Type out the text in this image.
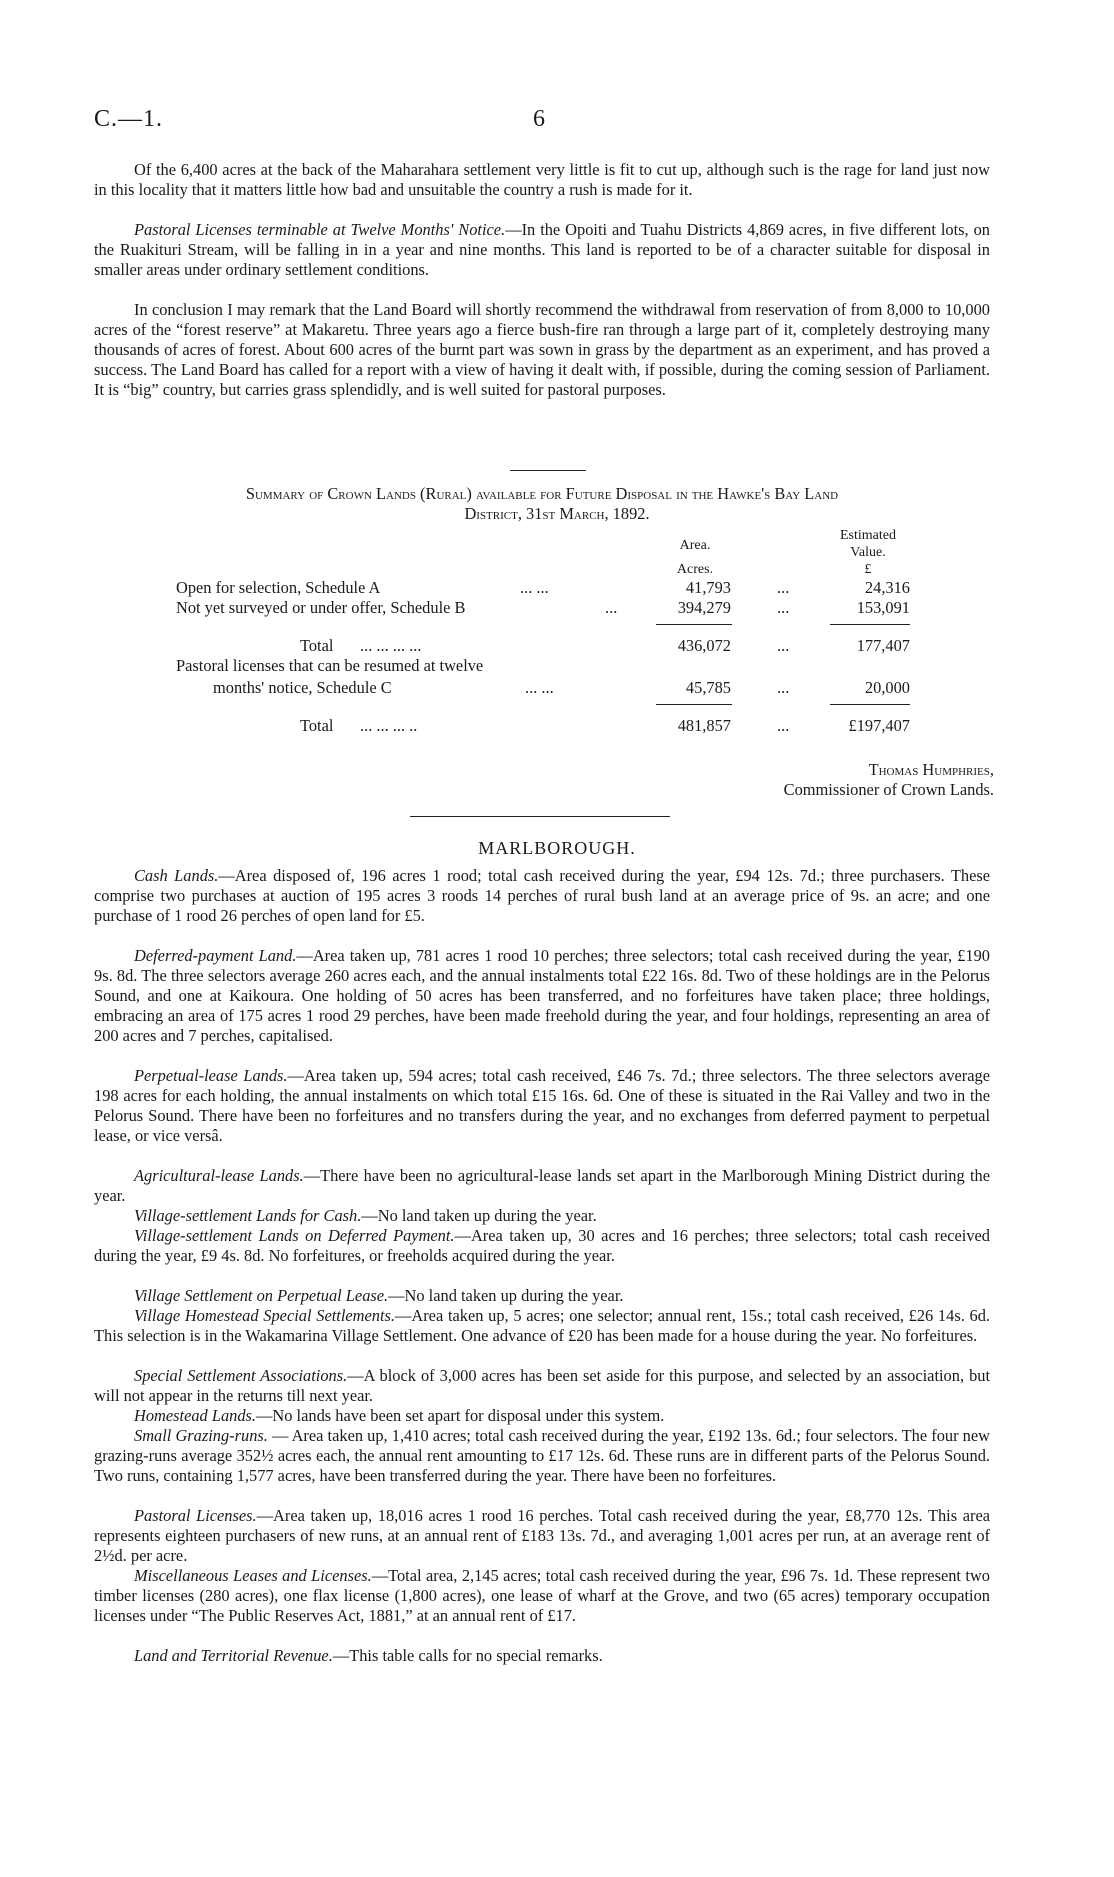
C.—1.	6
Of the 6,400 acres at the back of the Maharahara settlement very little is fit to cut up, although such is the rage for land just now in this locality that it matters little how bad and unsuitable the country a rush is made for it.
Pastoral Licenses terminable at Twelve Months' Notice.—In the Opoiti and Tuahu Districts 4,869 acres, in five different lots, on the Ruakituri Stream, will be falling in in a year and nine months. This land is reported to be of a character suitable for disposal in smaller areas under ordinary settlement conditions.
In conclusion I may remark that the Land Board will shortly recommend the withdrawal from reservation of from 8,000 to 10,000 acres of the “forest reserve” at Makaretu. Three years ago a fierce bush-fire ran through a large part of it, completely destroying many thousands of acres of forest. About 600 acres of the burnt part was sown in grass by the department as an experiment, and has proved a success. The Land Board has called for a report with a view of having it dealt with, if possible, during the coming session of Parliament. It is “big” country, but carries grass splendidly, and is well suited for pastoral purposes.
Summary of Crown Lands (Rural) available for Future Disposal in the Hawke's Bay Land
District, 31st March, 1892.
Area.
Estimated
Value.
Acres.	£
Open for selection, Schedule A	... ...	41,793	...	24,316
Not yet surveyed or under offer, Schedule B	...	394,279	...	153,091
Total ... ... ... ...	436,072	...	177,407
Pastoral licenses that can be resumed at twelve
months' notice, Schedule C	... ...	45,785	...	20,000
Total ... ... ... ..	481,857	...	£197,407
Thomas Humphries,
Commissioner of Crown Lands.
MARLBOROUGH.
Cash Lands.—Area disposed of, 196 acres 1 rood; total cash received during the year, £94 12s. 7d.; three purchasers. These comprise two purchases at auction of 195 acres 3 roods 14 perches of rural bush land at an average price of 9s. an acre; and one purchase of 1 rood 26 perches of open land for £5.
Deferred-payment Land.—Area taken up, 781 acres 1 rood 10 perches; three selectors; total cash received during the year, £190 9s. 8d. The three selectors average 260 acres each, and the annual instalments total £22 16s. 8d. Two of these holdings are in the Pelorus Sound, and one at Kaikoura. One holding of 50 acres has been transferred, and no forfeitures have taken place; three holdings, embracing an area of 175 acres 1 rood 29 perches, have been made freehold during the year, and four holdings, representing an area of 200 acres and 7 perches, capitalised.
Perpetual-lease Lands.—Area taken up, 594 acres; total cash received, £46 7s. 7d.; three selectors. The three selectors average 198 acres for each holding, the annual instalments on which total £15 16s. 6d. One of these is situated in the Rai Valley and two in the Pelorus Sound. There have been no forfeitures and no transfers during the year, and no exchanges from deferred payment to perpetual lease, or vice versâ.
Agricultural-lease Lands.—There have been no agricultural-lease lands set apart in the Marlborough Mining District during the year.
Village-settlement Lands for Cash.—No land taken up during the year.
Village-settlement Lands on Deferred Payment.—Area taken up, 30 acres and 16 perches; three selectors; total cash received during the year, £9 4s. 8d. No forfeitures, or freeholds acquired during the year.
Village Settlement on Perpetual Lease.—No land taken up during the year.
Village Homestead Special Settlements.—Area taken up, 5 acres; one selector; annual rent, 15s.; total cash received, £26 14s. 6d. This selection is in the Wakamarina Village Settlement. One advance of £20 has been made for a house during the year. No forfeitures.
Special Settlement Associations.—A block of 3,000 acres has been set aside for this purpose, and selected by an association, but will not appear in the returns till next year.
Homestead Lands.—No lands have been set apart for disposal under this system.
Small Grazing-runs. — Area taken up, 1,410 acres; total cash received during the year, £192 13s. 6d.; four selectors. The four new grazing-runs average 352½ acres each, the annual rent amounting to £17 12s. 6d. These runs are in different parts of the Pelorus Sound. Two runs, containing 1,577 acres, have been transferred during the year. There have been no forfeitures.
Pastoral Licenses.—Area taken up, 18,016 acres 1 rood 16 perches. Total cash received during the year, £8,770 12s. This area represents eighteen purchasers of new runs, at an annual rent of £183 13s. 7d., and averaging 1,001 acres per run, at an average rent of 2½d. per acre.
Miscellaneous Leases and Licenses.—Total area, 2,145 acres; total cash received during the year, £96 7s. 1d. These represent two timber licenses (280 acres), one flax license (1,800 acres), one lease of wharf at the Grove, and two (65 acres) temporary occupation licenses under “The Public Reserves Act, 1881,” at an annual rent of £17.
Land and Territorial Revenue.—This table calls for no special remarks.
